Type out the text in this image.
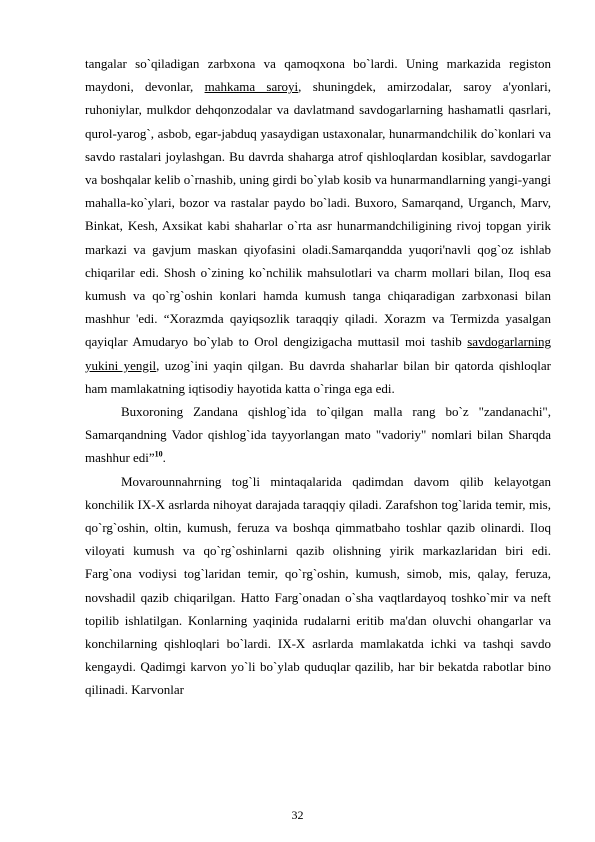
tangalar so`qiladigan zarbxona va qamoqxona bo`lardi. Uning markazida registon maydoni, devonlar, mahkama saroyi, shuningdek, amirzodalar, saroy a'yonlari, ruhoniylar, mulkdor dehqonzodalar va davlatmand savdogarlarning hashamatli qasrlari, qurol-yarog`, asbob, egar-jabduq yasaydigan ustaxonalar, hunarmandchilik do`konlari va savdo rastalari joylashgan. Bu davrda shaharga atrof qishloqlardan kosiblar, savdogarlar va boshqalar kelib o`rnashib, uning girdi bo`ylab kosib va hunarmandlarning yangi-yangi mahalla-ko`ylari, bozor va rastalar paydo bo`ladi. Buxoro, Samarqand, Urganch, Marv, Binkat, Kesh, Axsikat kabi shaharlar o`rta asr hunarmandchiligining rivoj topgan yirik markazi va gavjum maskan qiyofasini oladi.Samarqandda yuqori'navli qog`oz ishlab chiqarilar edi. Shosh o`zining ko`nchilik mahsulotlari va charm mollari bilan, Iloq esa kumush va qo`rg`oshin konlari hamda kumush tanga chiqaradigan zarbxonasi bilan mashhur 'edi. “Xorazmda qayiqsozlik taraqqiy qiladi. Xorazm va Termizda yasalgan qayiqlar Amudaryo bo`ylab to Orol dengizigacha muttasil moi tashib savdogarlarning yukini yengil, uzog`ini yaqin qilgan. Bu davrda shaharlar bilan bir qatorda qishloqlar ham mamlakatning iqtisodiy hayotida katta o`ringa ega edi.

Buxoroning Zandana qishlog`ida to`qilgan malla rang bo`z "zandanachi", Samarqandning Vador qishlog`ida tayyorlangan mato "vadoriy" nomlari bilan Sharqda mashhur edi”$^{10}$.

Movarounnahrning tog`li mintaqalarida qadimdan davom qilib kelayotgan konchilik IX-X asrlarda nihoyat darajada taraqqiy qiladi. Zarafshon tog`larida temir, mis, qo`rg`oshin, oltin, kumush, feruza va boshqa qimmatbaho toshlar qazib olinardi. Iloq viloyati kumush va qo`rg`oshinlarni qazib olishning yirik markazlaridan biri edi. Farg`ona vodiysi tog`laridan temir, qo`rg`oshin, kumush, simob, mis, qalay, feruza, novshadil qazib chiqarilgan. Hatto Farg`onadan o`sha vaqtlardayoq toshko`mir va neft topilib ishlatilgan. Konlarning yaqinida rudalarni eritib ma'dan oluvchi ohangarlar va konchilarning qishloqlari bo`lardi. IX-X asrlarda mamlakatda ichki va tashqi savdo kengaydi. Qadimgi karvon yo`li bo`ylab quduqlar qazilib, har bir bekatda rabotlar bino qilinadi. Karvonlar

32
